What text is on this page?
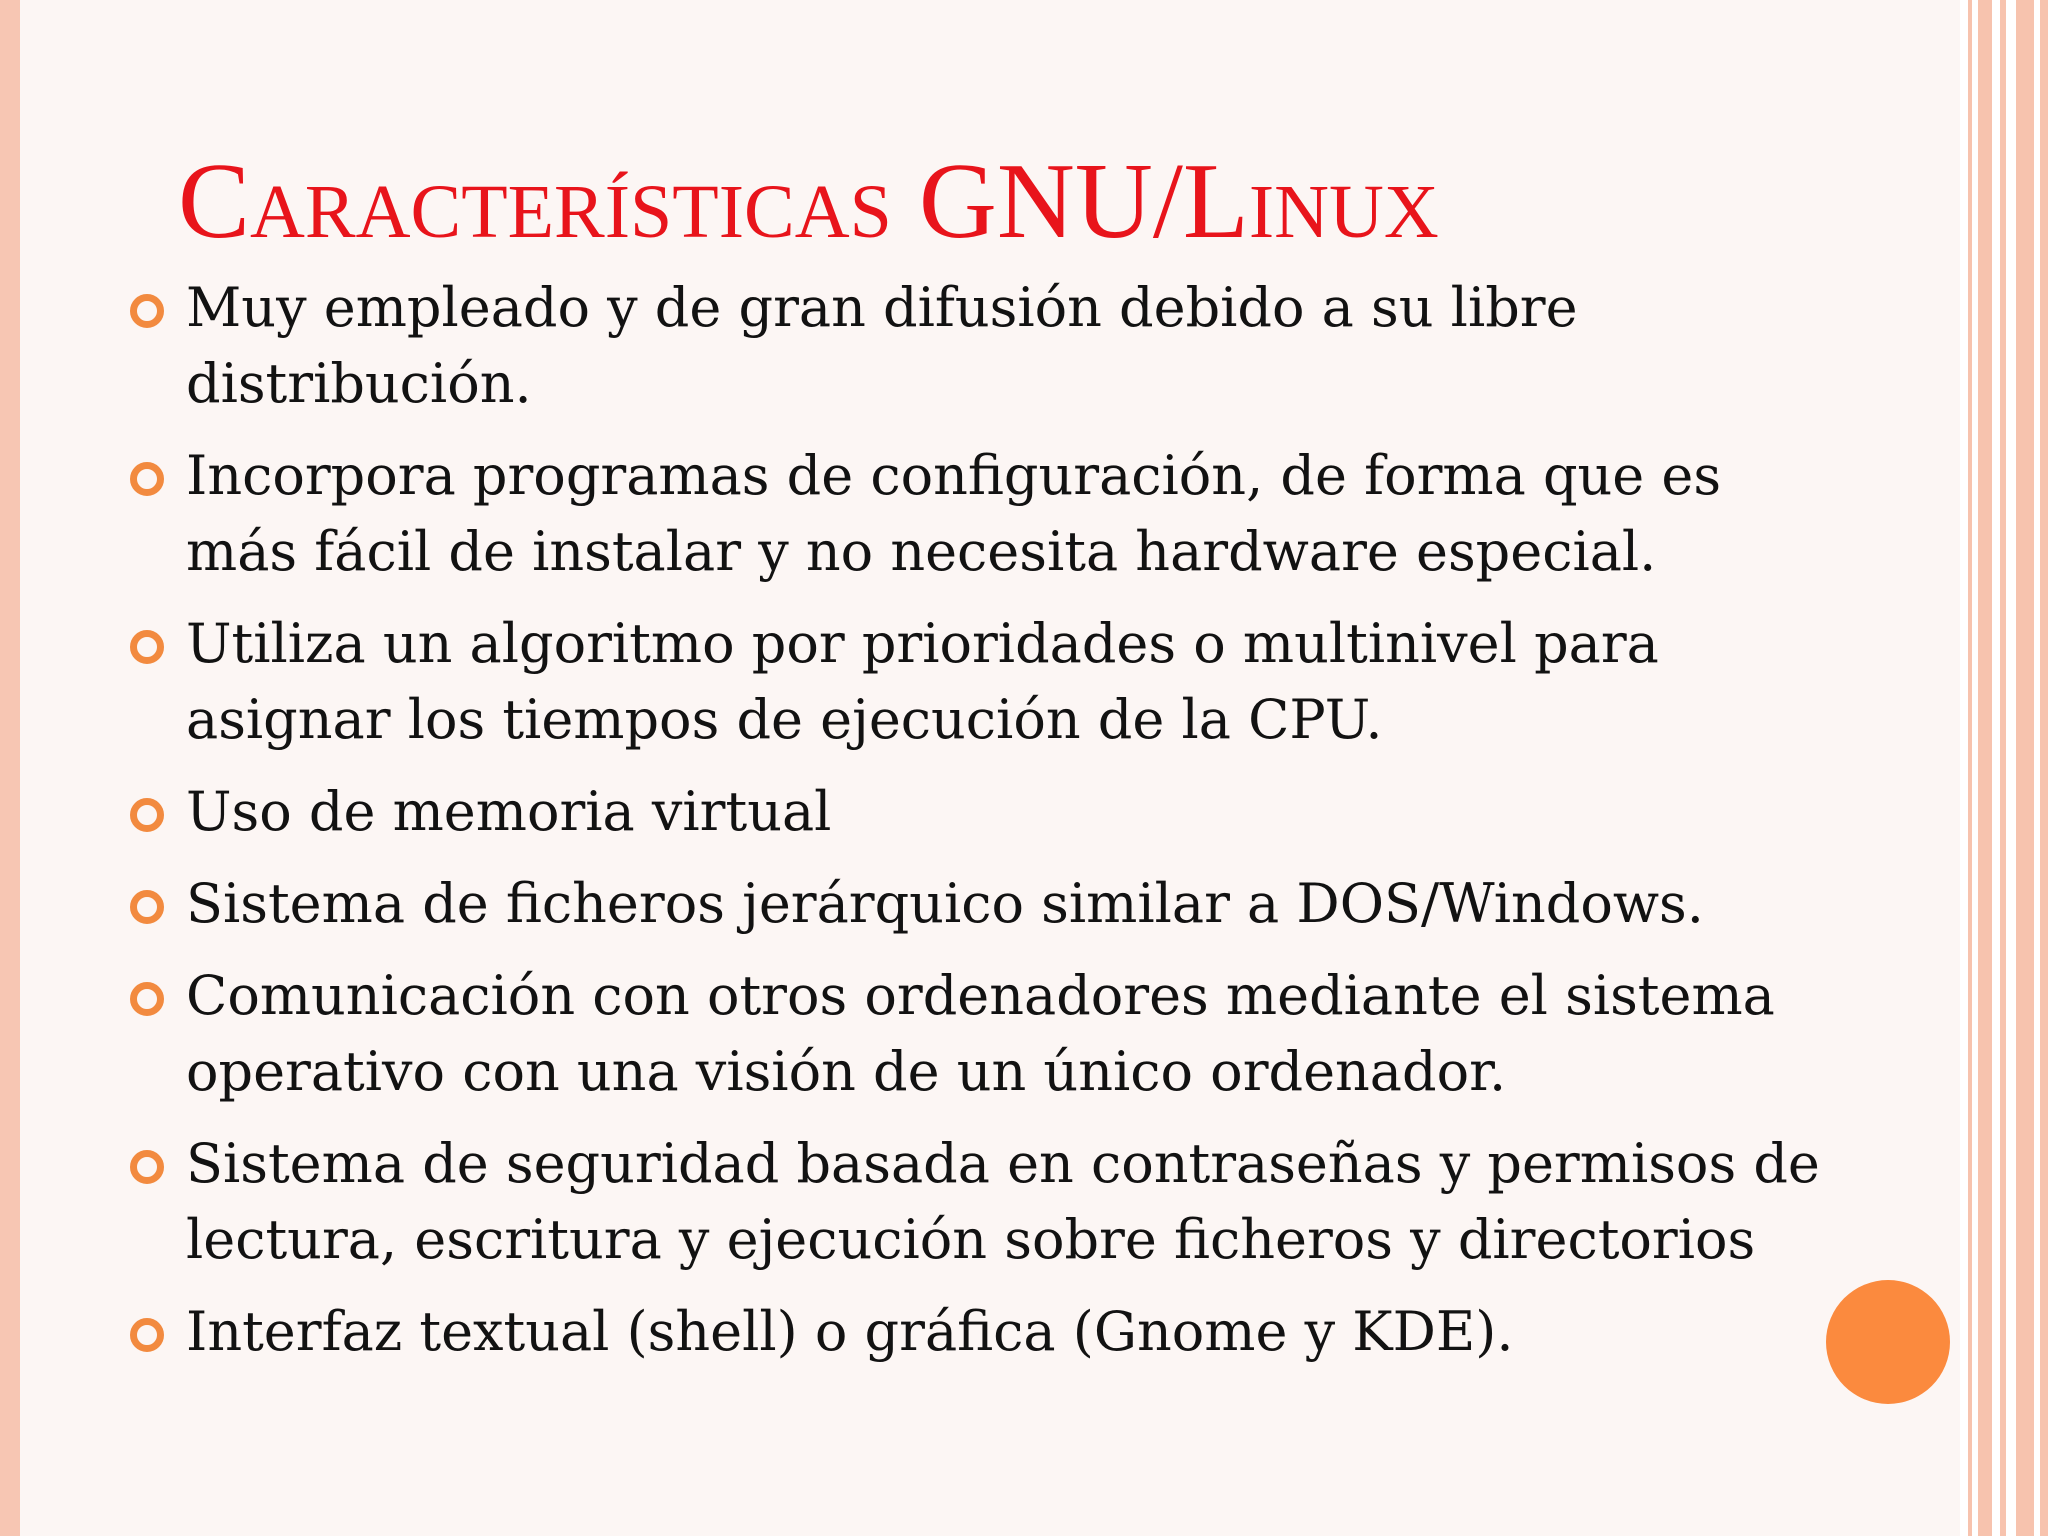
Características GNU/Linux
Muy empleado y de gran difusión debido a su libre distribución.
Incorpora programas de configuración, de forma que es más fácil de instalar y no necesita hardware especial.
Utiliza un algoritmo por prioridades o multinivel para asignar los tiempos de ejecución de la CPU.
Uso de memoria virtual
Sistema de ficheros jerárquico similar a DOS/Windows.
Comunicación con otros ordenadores mediante el sistema operativo con una visión de un único ordenador.
Sistema de seguridad basada en contraseñas y permisos de lectura, escritura y ejecución sobre ficheros y directorios
Interfaz textual (shell) o gráfica (Gnome y KDE).
